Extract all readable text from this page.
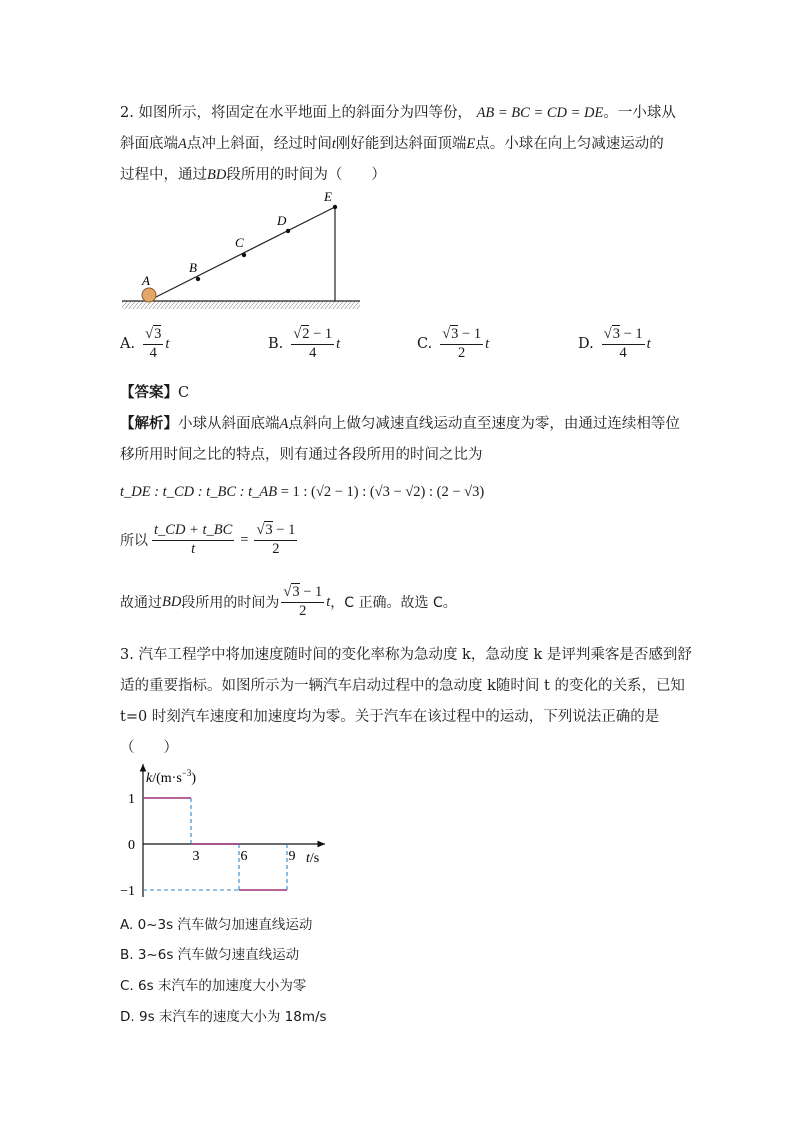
2. 如图所示，将固定在水平地面上的斜面分为四等份， AB = BC = CD = DE。一小球从
斜面底端A点冲上斜面，经过时间t刚好能到达斜面顶端E点。小球在向上匀减速运动的
过程中，通过BD段所用的时间为（　　）
A
B
C
D
E
A. $\frac{√3}{4}$ t	B. $\frac{√2 - 1}{4}$ t	C. $\frac{√3 - 1}{2}$ t	D. $\frac{√3 - 1}{4}$ t
【答案】C
【解析】小球从斜面底端A点斜向上做匀减速直线运动直至速度为零，由通过连续相等位
移所用时间之比的特点，则有通过各段所用的时间之比为
t_DE : t_CD : t_BC : t_AB = 1 : (√2 − 1) : (√3 − √2) : (2 − √3)
所以 $\frac{t\_CD + t\_BC}{t} = \frac{√3 - 1}{2}$
故通过 BD 段所用的时间为 $\frac{√3 - 1}{2}$ t ，C 正确。故选 C。
3. 汽车工程学中将加速度随时间的变化率称为急动度 k，急动度 k 是评判乘客是否感到舒
适的重要指标。如图所示为一辆汽车启动过程中的急动度 k随时间 t 的变化的关系，已知
t=0 时刻汽车速度和加速度均为零。关于汽车在该过程中的运动，下列说法正确的是
（　　）
$k/(m\cdot s^{-3})$
t/s
1
0
−1
3	6	9
A. 0~3s 汽车做匀加速直线运动
B. 3~6s 汽车做匀速直线运动
C. 6s 末汽车的加速度大小为零
D. 9s 末汽车的速度大小为 18m/s
